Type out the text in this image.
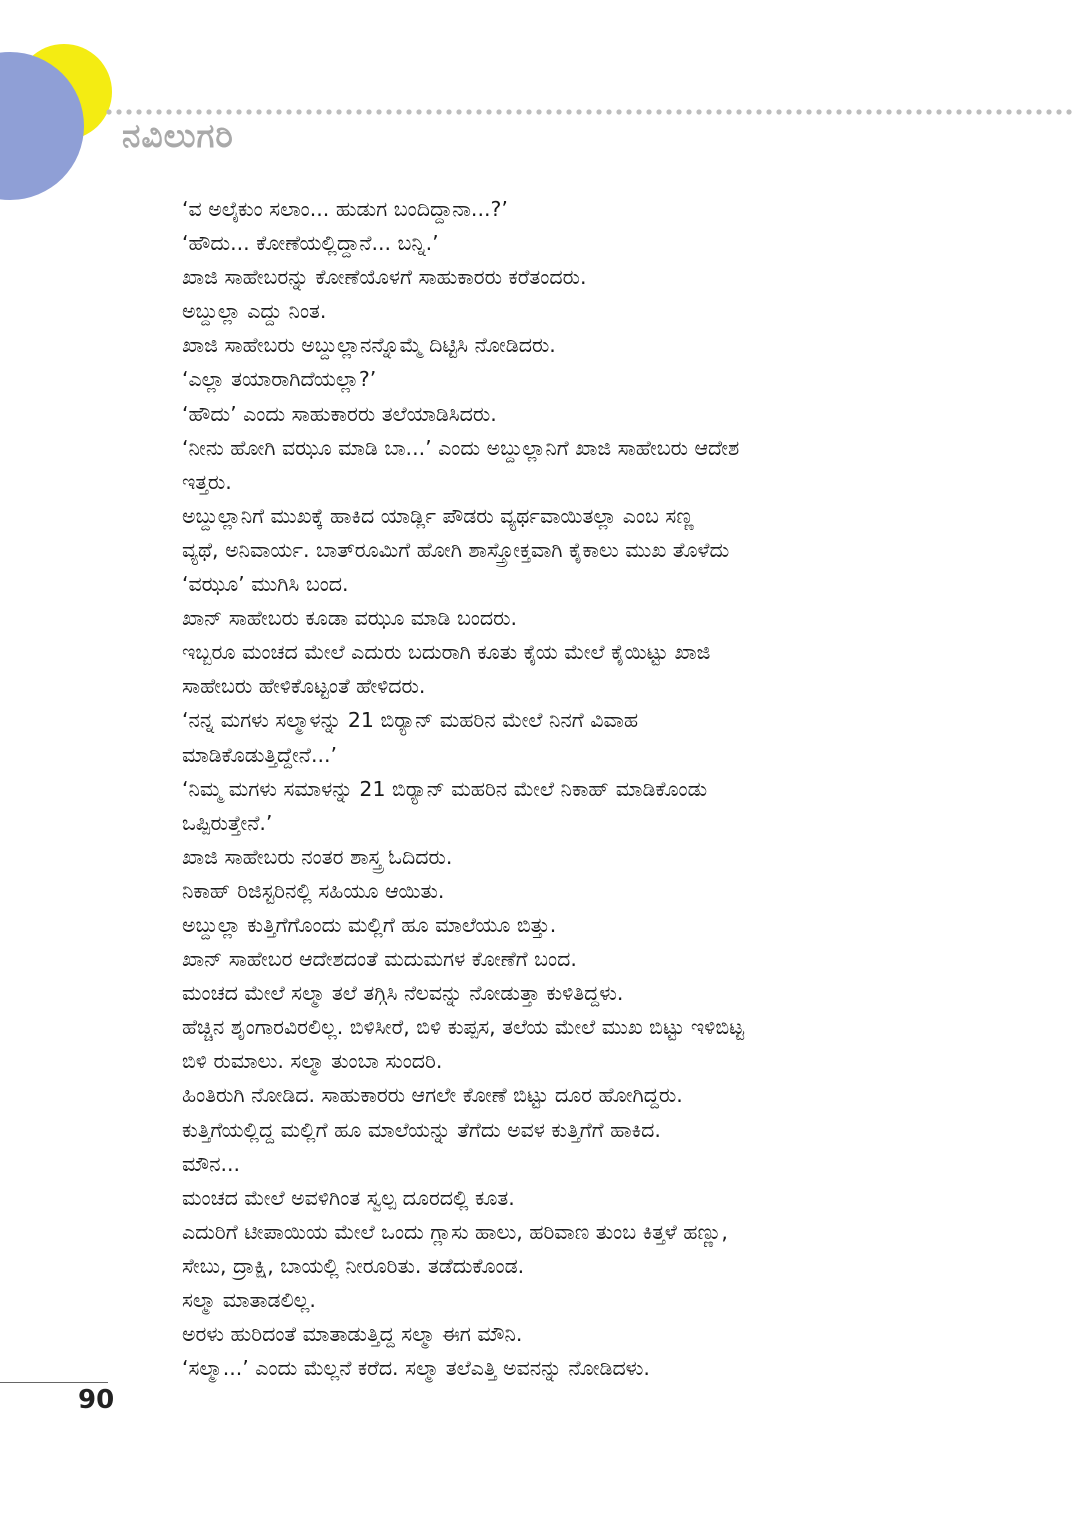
ನವಿಲುಗರಿ

‘ವ ಅಲೈಕುಂ ಸಲಾಂ... ಹುಡುಗ ಬಂದಿದ್ದಾನಾ...?’

‘ಹೌದು... ಕೋಣೆಯಲ್ಲಿದ್ದಾನೆ... ಬನ್ನಿ.’

ಖಾಜಿ ಸಾಹೇಬರನ್ನು ಕೋಣೆಯೊಳಗೆ ಸಾಹುಕಾರರು ಕರೆತಂದರು.

ಅಬ್ದುಲ್ಲಾ ಎದ್ದು ನಿಂತ.

ಖಾಜಿ ಸಾಹೇಬರು ಅಬ್ದುಲ್ಲಾನನ್ನೊಮ್ಮೆ ದಿಟ್ಟಿಸಿ ನೋಡಿದರು.

‘ಎಲ್ಲಾ ತಯಾರಾಗಿದೆಯಲ್ಲಾ?’

‘ಹೌದು’ ಎಂದು ಸಾಹುಕಾರರು ತಲೆಯಾಡಿಸಿದರು.

‘ನೀನು ಹೋಗಿ ವಝೂ ಮಾಡಿ ಬಾ...’ ಎಂದು ಅಬ್ದುಲ್ಲಾನಿಗೆ ಖಾಜಿ ಸಾಹೇಬರು ಆದೇಶ
ಇತ್ತರು.

ಅಬ್ದುಲ್ಲಾನಿಗೆ ಮುಖಕ್ಕೆ ಹಾಕಿದ ಯಾರ್ಡ್ಲಿ ಪೌಡರು ವ್ಯರ್ಥವಾಯಿತಲ್ಲಾ ಎಂಬ ಸಣ್ಣ
ವ್ಯಥೆ, ಅನಿವಾರ್ಯ. ಬಾತ್‌ರೂಮಿಗೆ ಹೋಗಿ ಶಾಸ್ತ್ರೋಕ್ತವಾಗಿ ಕೈಕಾಲು ಮುಖ ತೊಳೆದು
‘ವಝೂ’ ಮುಗಿಸಿ ಬಂದ.

ಖಾನ್ ಸಾಹೇಬರು ಕೂಡಾ ವಝೂ ಮಾಡಿ ಬಂದರು.

ಇಬ್ಬರೂ ಮಂಚದ ಮೇಲೆ ಎದುರು ಬದುರಾಗಿ ಕೂತು ಕೈಯ ಮೇಲೆ ಕೈಯಿಟ್ಟು ಖಾಜಿ
ಸಾಹೇಬರು ಹೇಳಿಕೊಟ್ಟಂತೆ ಹೇಳಿದರು.

‘ನನ್ನ ಮಗಳು ಸಲ್ಮಾಳನ್ನು 21 ಬಿರ್‍ಯಾನ್ ಮಹರಿನ ಮೇಲೆ ನಿನಗೆ ವಿವಾಹ
ಮಾಡಿಕೊಡುತ್ತಿದ್ದೇನೆ...’

‘ನಿಮ್ಮ ಮಗಳು ಸಮಾಳನ್ನು 21 ಬಿರ್‍ಯಾನ್ ಮಹರಿನ ಮೇಲೆ ನಿಕಾಹ್ ಮಾಡಿಕೊಂಡು
ಒಪ್ಪಿರುತ್ತೇನೆ.’

ಖಾಜಿ ಸಾಹೇಬರು ನಂತರ ಶಾಸ್ತ್ರ ಓದಿದರು.

ನಿಕಾಹ್ ರಿಜಿಸ್ಟರಿನಲ್ಲಿ ಸಹಿಯೂ ಆಯಿತು.

ಅಬ್ದುಲ್ಲಾ ಕುತ್ತಿಗೆಗೊಂದು ಮಲ್ಲಿಗೆ ಹೂ ಮಾಲೆಯೂ ಬಿತ್ತು.

ಖಾನ್ ಸಾಹೇಬರ ಆದೇಶದಂತೆ ಮದುಮಗಳ ಕೋಣೆಗೆ ಬಂದ.

ಮಂಚದ ಮೇಲೆ ಸಲ್ಮಾ ತಲೆ ತಗ್ಗಿಸಿ ನೆಲವನ್ನು ನೋಡುತ್ತಾ ಕುಳಿತಿದ್ದಳು.

ಹೆಚ್ಚಿನ ಶೃಂಗಾರವಿರಲಿಲ್ಲ. ಬಿಳಿಸೀರೆ, ಬಿಳಿ ಕುಪ್ಪಸ, ತಲೆಯ ಮೇಲೆ ಮುಖ ಬಿಟ್ಟು ಇಳಿಬಿಟ್ಟ
ಬಿಳಿ ರುಮಾಲು. ಸಲ್ಮಾ ತುಂಬಾ ಸುಂದರಿ.

ಹಿಂತಿರುಗಿ ನೋಡಿದ. ಸಾಹುಕಾರರು ಆಗಲೇ ಕೋಣೆ ಬಿಟ್ಟು ದೂರ ಹೋಗಿದ್ದರು.
ಕುತ್ತಿಗೆಯಲ್ಲಿದ್ದ ಮಲ್ಲಿಗೆ ಹೂ ಮಾಲೆಯನ್ನು ತೆಗೆದು ಅವಳ ಕುತ್ತಿಗೆಗೆ ಹಾಕಿದ.

ಮೌನ...

ಮಂಚದ ಮೇಲೆ ಅವಳಿಗಿಂತ ಸ್ವಲ್ಪ ದೂರದಲ್ಲಿ ಕೂತ.

ಎದುರಿಗೆ ಟೀಪಾಯಿಯ ಮೇಲೆ ಒಂದು ಗ್ಲಾಸು ಹಾಲು, ಹರಿವಾಣ ತುಂಬ ಕಿತ್ತಳೆ ಹಣ್ಣು,
ಸೇಬು, ದ್ರಾಕ್ಷಿ, ಬಾಯಲ್ಲಿ ನೀರೂರಿತು. ತಡೆದುಕೊಂಡ.

ಸಲ್ಮಾ ಮಾತಾಡಲಿಲ್ಲ.

ಅರಳು ಹುರಿದಂತೆ ಮಾತಾಡುತ್ತಿದ್ದ ಸಲ್ಮಾ ಈಗ ಮೌನಿ.

‘ಸಲ್ಮಾ...’ ಎಂದು ಮೆಲ್ಲನೆ ಕರೆದ. ಸಲ್ಮಾ ತಲೆಎತ್ತಿ ಅವನನ್ನು ನೋಡಿದಳು.

90
